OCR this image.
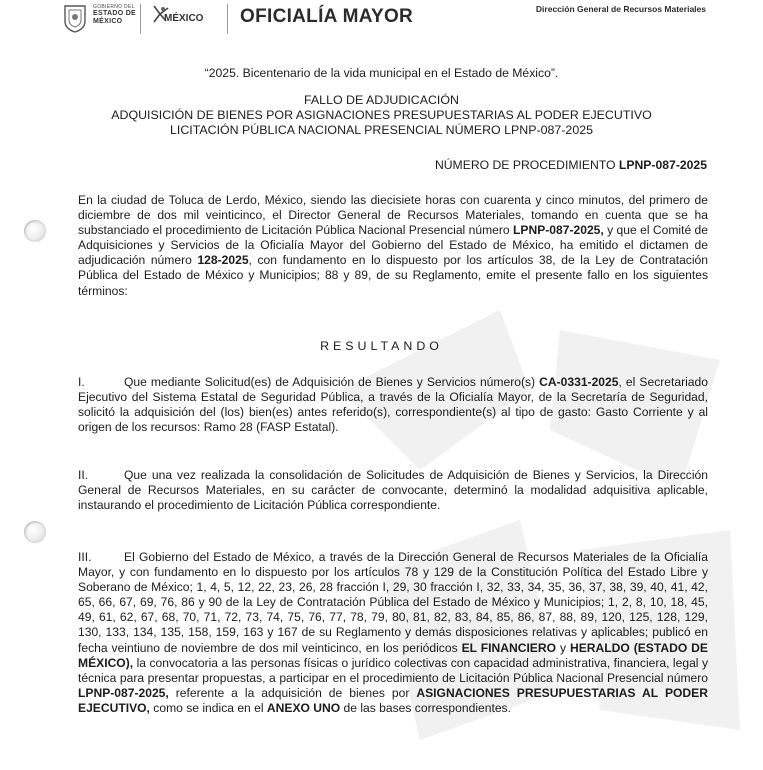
GOBIERNO DEL
ESTADO DE
MÉXICO	MÉXICO OFICIALÍA MAYOR	Dirección General de Recursos Materiales
“2025. Bicentenario de la vida municipal en el Estado de México”.
FALLO DE ADJUDICACIÓN
ADQUISICIÓN DE BIENES POR ASIGNACIONES PRESUPUESTARIAS AL PODER EJECUTIVO
LICITACIÓN PÚBLICA NACIONAL PRESENCIAL NÚMERO LPNP-087-2025
NÚMERO DE PROCEDIMIENTO LPNP-087-2025
En la ciudad de Toluca de Lerdo, México, siendo las diecisiete horas con cuarenta y cinco minutos, del primero de diciembre de dos mil veinticinco, el Director General de Recursos Materiales, tomando en cuenta que se ha substanciado el procedimiento de Licitación Pública Nacional Presencial número LPNP-087-2025, y que el Comité de Adquisiciones y Servicios de la Oficialía Mayor del Gobierno del Estado de México, ha emitido el dictamen de adjudicación número 128-2025, con fundamento en lo dispuesto por los artículos 38, de la Ley de Contratación Pública del Estado de México y Municipios; 88 y 89, de su Reglamento, emite el presente fallo en los siguientes términos:
RESULTANDO
I.	Que mediante Solicitud(es) de Adquisición de Bienes y Servicios número(s) CA-0331-2025, el Secretariado Ejecutivo del Sistema Estatal de Seguridad Pública, a través de la Oficialía Mayor, de la Secretaría de Seguridad, solicitó la adquisición del (los) bien(es) antes referido(s), correspondiente(s) al tipo de gasto: Gasto Corriente y al origen de los recursos: Ramo 28 (FASP Estatal).
II.	Que una vez realizada la consolidación de Solicitudes de Adquisición de Bienes y Servicios, la Dirección General de Recursos Materiales, en su carácter de convocante, determinó la modalidad adquisitiva aplicable, instaurando el procedimiento de Licitación Pública correspondiente.
III.	El Gobierno del Estado de México, a través de la Dirección General de Recursos Materiales de la Oficialía Mayor, y con fundamento en lo dispuesto por los artículos 78 y 129 de la Constitución Política del Estado Libre y Soberano de México; 1, 4, 5, 12, 22, 23, 26, 28 fracción I, 29, 30 fracción I, 32, 33, 34, 35, 36, 37, 38, 39, 40, 41, 42, 65, 66, 67, 69, 76, 86 y 90 de la Ley de Contratación Pública del Estado de México y Municipios; 1, 2, 8, 10, 18, 45, 49, 61, 62, 67, 68, 70, 71, 72, 73, 74, 75, 76, 77, 78, 79, 80, 81, 82, 83, 84, 85, 86, 87, 88, 89, 120, 125, 128, 129, 130, 133, 134, 135, 158, 159, 163 y 167 de su Reglamento y demás disposiciones relativas y aplicables; publicó en fecha veintiuno de noviembre de dos mil veinticinco, en los periódicos EL FINANCIERO y HERALDO (ESTADO DE MÉXICO), la convocatoria a las personas físicas o jurídico colectivas con capacidad administrativa, financiera, legal y técnica para presentar propuestas, a participar en el procedimiento de Licitación Pública Nacional Presencial número LPNP-087-2025, referente a la adquisición de bienes por ASIGNACIONES PRESUPUESTARIAS AL PODER EJECUTIVO, como se indica en el ANEXO UNO de las bases correspondientes.
